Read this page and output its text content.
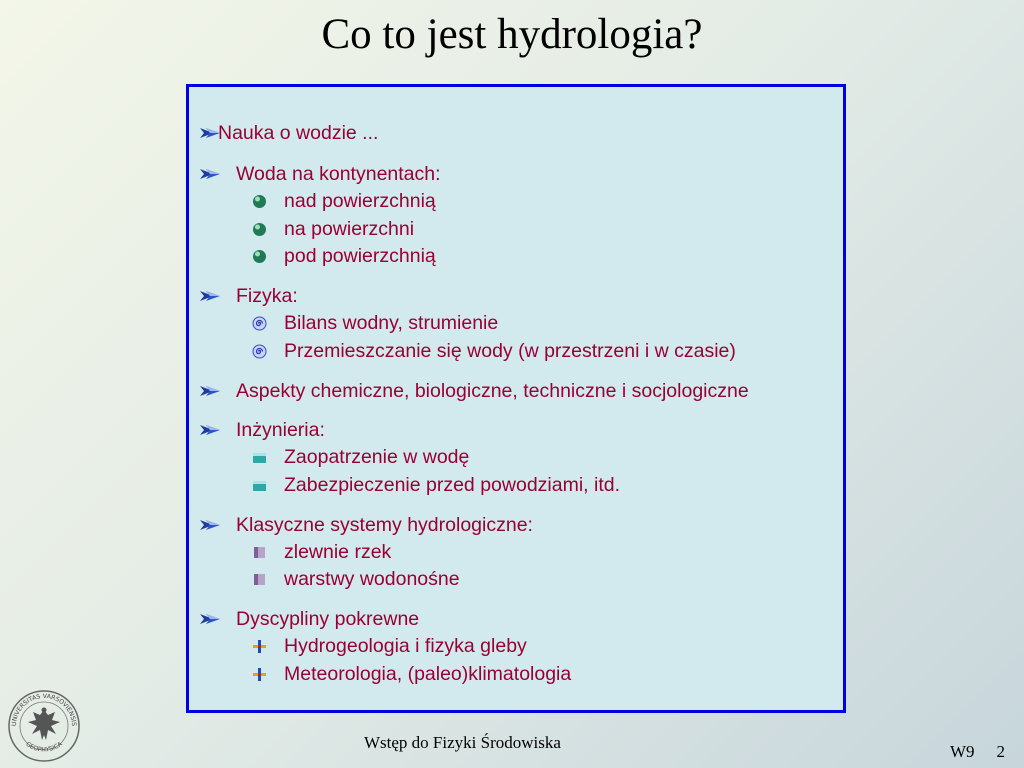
Co to jest hydrologia?
Nauka o wodzie ...
Woda na kontynentach:
nad powierzchnią
na powierzchni
pod powierzchnią
Fizyka:
Bilans wodny, strumienie
Przemieszczanie się wody (w przestrzeni i w czasie)
Aspekty chemiczne, biologiczne, techniczne i socjologiczne
Inżynieria:
Zaopatrzenie w wodę
Zabezpieczenie przed powodziami, itd.
Klasyczne systemy hydrologiczne:
zlewnie rzek
warstwy wodonośne
Dyscypliny pokrewne
Hydrogeologia i fizyka gleby
Meteorologia, (paleo)klimatologia
UNIVERSITAS VARSOVIENSIS
GEOPHYSICA	Wstęp do Fizyki Środowiska	W9 2
